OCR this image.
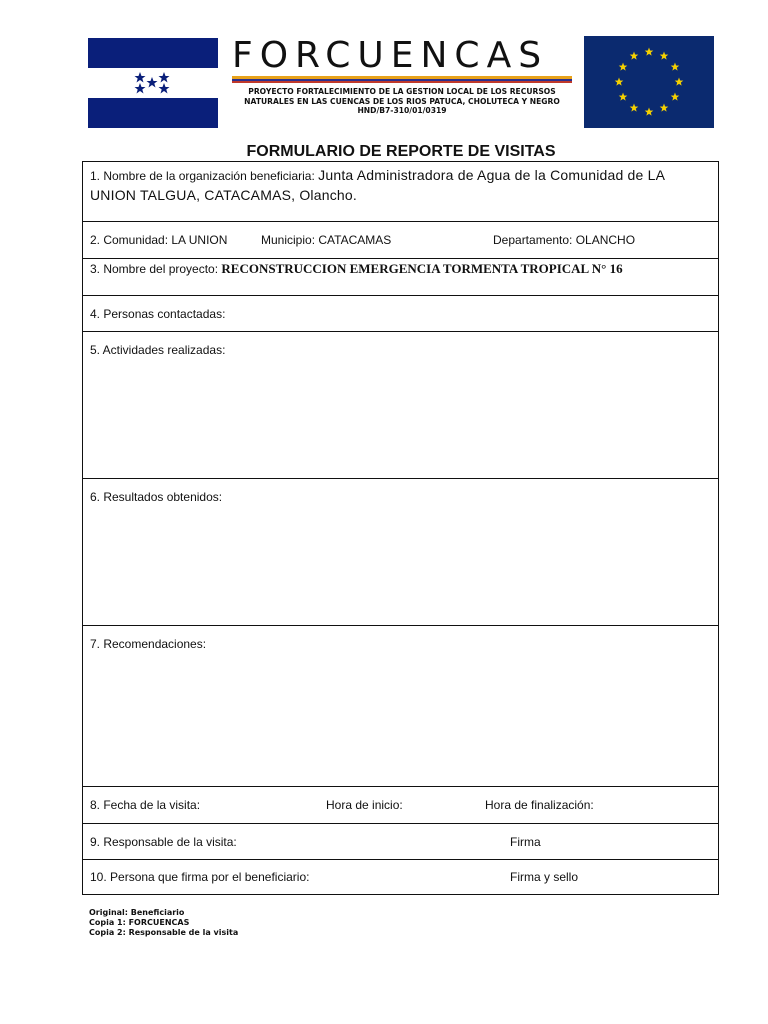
FORCUENCAS
PROYECTO FORTALECIMIENTO DE LA GESTION LOCAL DE LOS RECURSOS
NATURALES EN LAS CUENCAS DE LOS RIOS PATUCA, CHOLUTECA Y NEGRO
HND/B7-310/01/0319
FORMULARIO DE REPORTE DE VISITAS
1. Nombre de la organización beneficiaria: Junta Administradora de Agua de la Comunidad de LA
UNION TALGUA, CATACAMAS, Olancho.
2. Comunidad: LA UNION	Municipio: CATACAMAS	Departamento: OLANCHO
3. Nombre del proyecto: RECONSTRUCCION EMERGENCIA TORMENTA TROPICAL N° 16
4. Personas contactadas:
5. Actividades realizadas:
6. Resultados obtenidos:
7. Recomendaciones:
8. Fecha de la visita:	Hora de inicio:	Hora de finalización:
9. Responsable de la visita:	Firma
10. Persona que firma por el beneficiario:	Firma y sello
Original: Beneficiario
Copia 1: FORCUENCAS
Copia 2: Responsable de la visita
